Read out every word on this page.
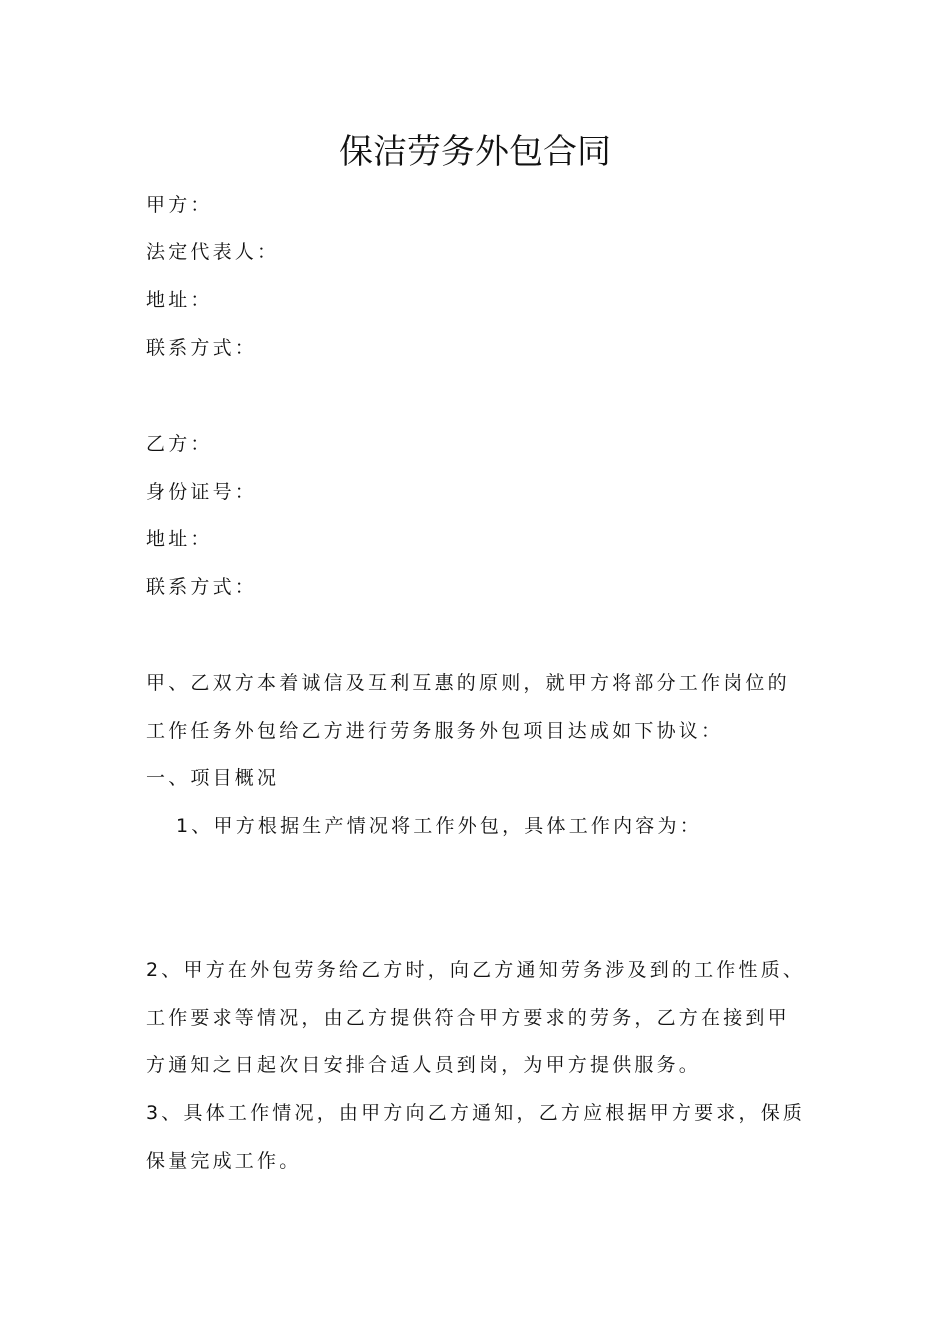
保洁劳务外包合同
甲方：
法定代表人：
地址：
联系方式：
乙方：
身份证号：
地址：
联系方式：
甲、乙双方本着诚信及互利互惠的原则，就甲方将部分工作岗位的
工作任务外包给乙方进行劳务服务外包项目达成如下协议：
一、项目概况
1、甲方根据生产情况将工作外包，具体工作内容为：
2、甲方在外包劳务给乙方时，向乙方通知劳务涉及到的工作性质、
工作要求等情况，由乙方提供符合甲方要求的劳务，乙方在接到甲
方通知之日起次日安排合适人员到岗，为甲方提供服务。
3、具体工作情况，由甲方向乙方通知，乙方应根据甲方要求，保质
保量完成工作。
